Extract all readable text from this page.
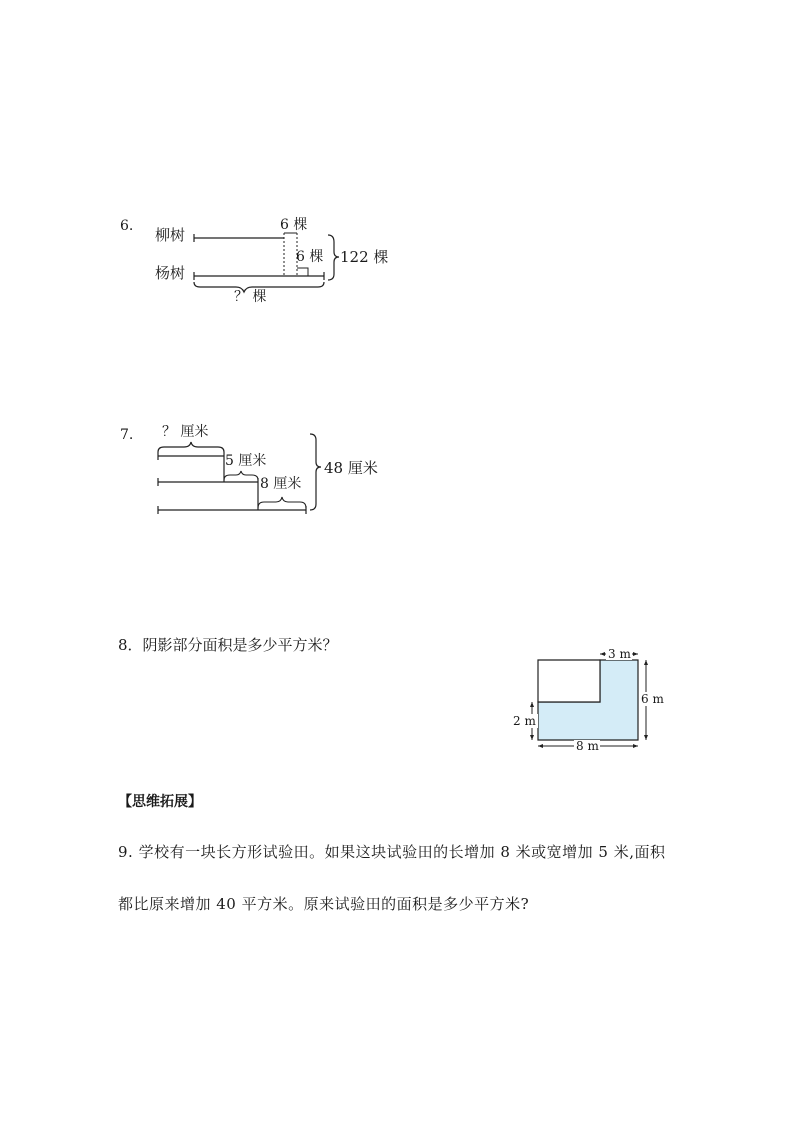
6. 柳树
杨树
6 棵
6 棵 122 棵
？ 棵
7. ？ 厘米
5 厘米
8 厘米
48 厘米
8．阴影部分面积是多少平方米？	3 m
6 m
2 m
8 m
【思维拓展】
9. 学校有一块长方形试验田。如果这块试验田的长增加 8 米或宽增加 5 米,面积
都比原来增加 40 平方米。原来试验田的面积是多少平方米?
